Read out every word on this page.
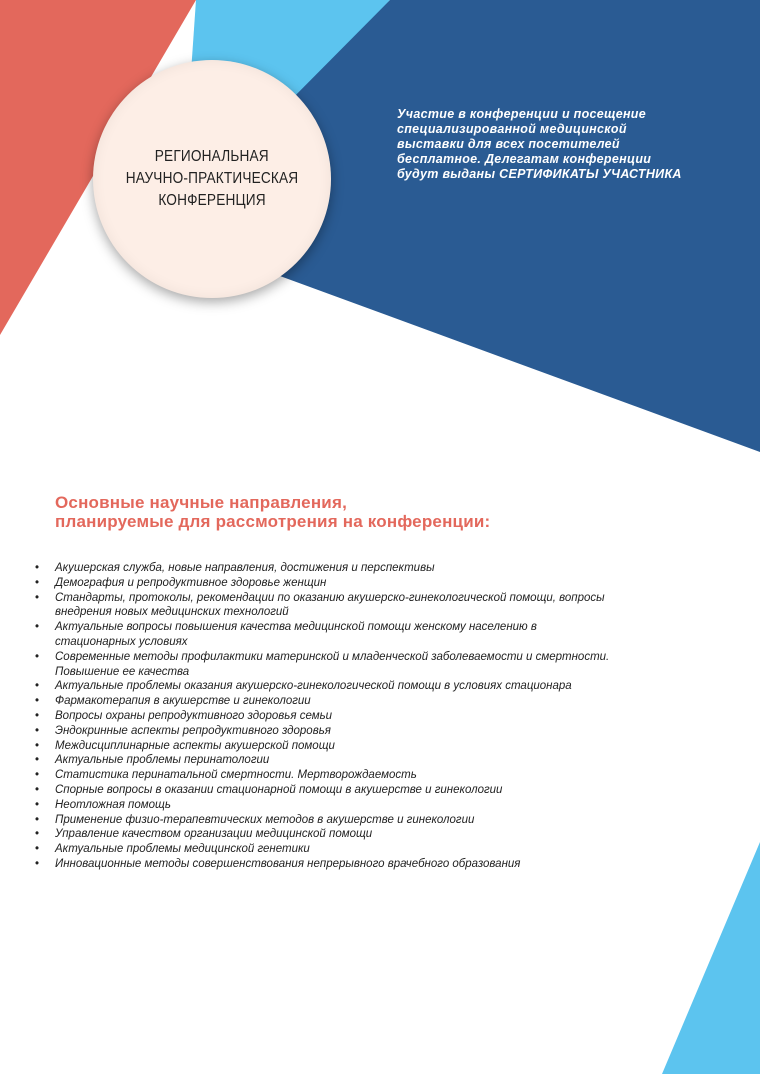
РЕГИОНАЛЬНАЯ
НАУЧНО-ПРАКТИЧЕСКАЯ
КОНФЕРЕНЦИЯ
Участие в конференции и посещение
специализированной медицинской
выставки для всех посетителей
бесплатное. Делегатам конференции
будут выданы СЕРТИФИКАТЫ УЧАСТНИКА
Основные научные направления,
планируемые для рассмотрения на конференции:
• Акушерская служба, новые направления, достижения и перспективы
• Демография и репродуктивное здоровье женщин
• Стандарты, протоколы, рекомендации по оказанию акушерско-гинекологической помощи, вопросы
внедрения новых медицинских технологий
• Актуальные вопросы повышения качества медицинской помощи женскому населению в
стационарных условиях
• Современные методы профилактики материнской и младенческой заболеваемости и смертности.
Повышение ее качества
• Актуальные проблемы оказания акушерско-гинекологической помощи в условиях стационара
• Фармакотерапия в акушерстве и гинекологии
• Вопросы охраны репродуктивного здоровья семьи
• Эндокринные аспекты репродуктивного здоровья
• Междисциплинарные аспекты акушерской помощи
• Актуальные проблемы перинатологии
• Статистика перинатальной смертности. Мертворождаемость
• Спорные вопросы в оказании стационарной помощи в акушерстве и гинекологии
• Неотложная помощь
• Применение физио-терапевтических методов в акушерстве и гинекологии
• Управление качеством организации медицинской помощи
• Актуальные проблемы медицинской генетики
• Инновационные методы совершенствования непрерывного врачебного образования
